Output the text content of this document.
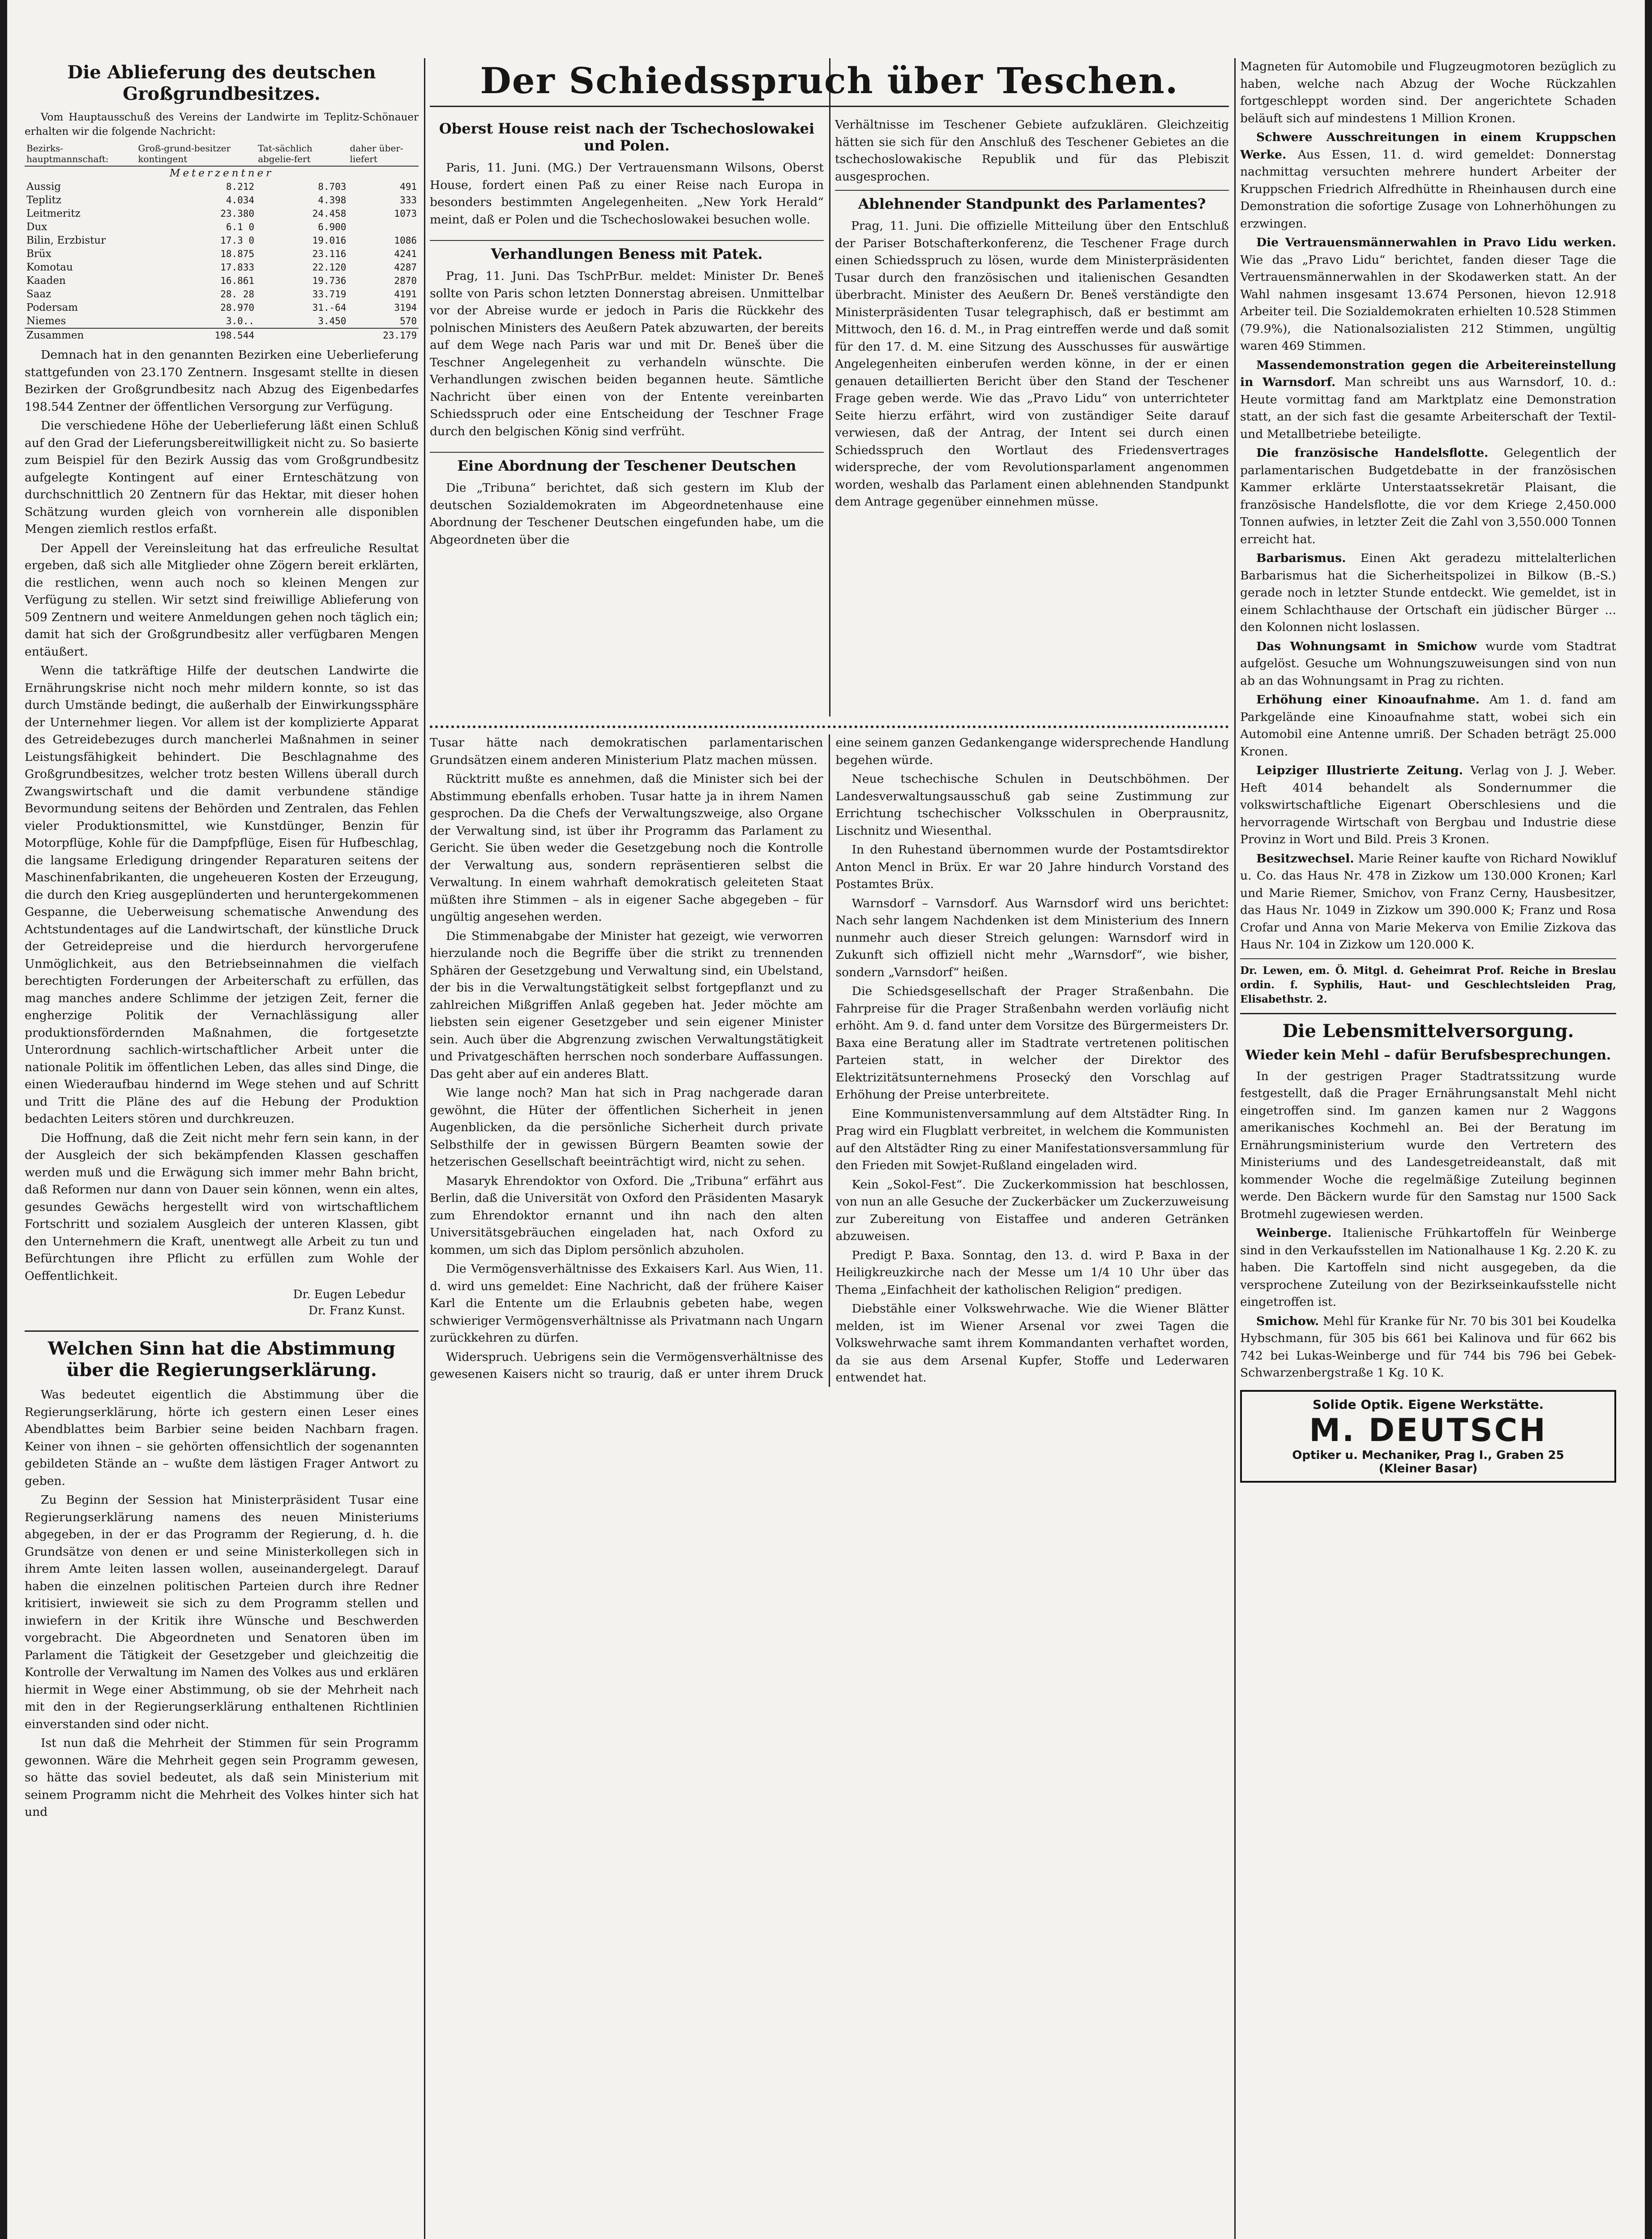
Die Ablieferung des deutschen Großgrundbesitzes.

Vom Hauptausschuß des Vereins der Landwirte im Teplitz-Schönauer erhalten wir die folgende Nachricht:

Bezirks-hauptmannschaft:	Groß-grund-besitzer kontingent	Tat-sächlich abgelie-fert	daher über-liefert
Meterzentner			
Aussig	8.212	8.703	491
Teplitz	4.034	4.398	333
Leitmeritz	23.380	24.458	1073
Dux	6.1 0	6.900	
Bilin, Erzbistur	17.3 0	19.016	1086
Brüx	18.875	23.116	4241
Komotau	17.833	22.120	4287
Kaaden	16.861	19.736	2870
Saaz	28. 28	33.719	4191
Podersam	28.970	31.-64	3194
Niemes	3.0..	3.450	570
Zusammen	198.544		23.179

Demnach hat in den genannten Bezirken eine Ueberlieferung stattgefunden von 23.170 Zentnern. Insgesamt stellte in diesen Bezirken der Großgrundbesitz nach Abzug des Eigenbedarfes 198.544 Zentner der öffentlichen Versorgung zur Verfügung.

Die verschiedene Höhe der Ueberlieferung läßt einen Schluß auf den Grad der Lieferungsbereitwilligkeit nicht zu. So basierte zum Beispiel für den Bezirk Aussig das vom Großgrundbesitz aufgelegte Kontingent auf einer Ernteschätzung von durchschnittlich 20 Zentnern für das Hektar, mit dieser hohen Schätzung wurden gleich von vornherein alle disponiblen Mengen ziemlich restlos erfaßt.

Der Appell der Vereinsleitung hat das erfreuliche Resultat ergeben, daß sich alle Mitglieder ohne Zögern bereit erklärten, die restlichen, wenn auch noch so kleinen Mengen zur Verfügung zu stellen. Wir setzt sind freiwillige Ablieferung von 509 Zentnern und weitere Anmeldungen gehen noch täglich ein; damit hat sich der Großgrundbesitz aller verfügbaren Mengen entäußert.

Wenn die tatkräftige Hilfe der deutschen Landwirte die Ernährungskrise nicht noch mehr mildern konnte, so ist das durch Umstände bedingt, die außerhalb der Einwirkungssphäre der Unternehmer liegen. Vor allem ist der komplizierte Apparat des Getreidebezuges durch mancherlei Maßnahmen in seiner Leistungsfähigkeit behindert. Die Beschlagnahme des Großgrundbesitzes, welcher trotz besten Willens überall durch Zwangswirtschaft und die damit verbundene ständige Bevormundung seitens der Behörden und Zentralen, das Fehlen vieler Produktionsmittel, wie Kunstdünger, Benzin für Motorpflüge, Kohle für die Dampfpflüge, Eisen für Hufbeschlag, die langsame Erledigung dringender Reparaturen seitens der Maschinenfabrikanten, die ungeheueren Kosten der Erzeugung, die durch den Krieg ausgeplünderten und heruntergekommenen Gespanne, die Ueberweisung schematische Anwendung des Achtstundentages auf die Landwirtschaft, der künstliche Druck der Getreidepreise und die hierdurch hervorgerufene Unmöglichkeit, aus den Betriebseinnahmen die vielfach berechtigten Forderungen der Arbeiterschaft zu erfüllen, das mag manches andere Schlimme der jetzigen Zeit, ferner die engherzige Politik der Vernachlässigung aller produktionsfördernden Maßnahmen, die fortgesetzte Unterordnung sachlich-wirtschaftlicher Arbeit unter die nationale Politik im öffentlichen Leben, das alles sind Dinge, die einen Wiederaufbau hindernd im Wege stehen und auf Schritt und Tritt die Pläne des auf die Hebung der Produktion bedachten Leiters stören und durchkreuzen.

Die Hoffnung, daß die Zeit nicht mehr fern sein kann, in der der Ausgleich der sich bekämpfenden Klassen geschaffen werden muß und die Erwägung sich immer mehr Bahn bricht, daß Reformen nur dann von Dauer sein können, wenn ein altes, gesundes Gewächs hergestellt wird von wirtschaftlichem Fortschritt und sozialem Ausgleich der unteren Klassen, gibt den Unternehmern die Kraft, unentwegt alle Arbeit zu tun und Befürchtungen ihre Pflicht zu erfüllen zum Wohle der Oeffentlichkeit.

Dr. Eugen Lebedur
Dr. Franz Kunst.
Welchen Sinn hat die Abstimmung über die Regierungserklärung.

Was bedeutet eigentlich die Abstimmung über die Regierungserklärung, hörte ich gestern einen Leser eines Abendblattes beim Barbier seine beiden Nachbarn fragen. Keiner von ihnen – sie gehörten offensichtlich der sogenannten gebildeten Stände an – wußte dem lästigen Frager Antwort zu geben.

Zu Beginn der Session hat Ministerpräsident Tusar eine Regierungserklärung namens des neuen Ministeriums abgegeben, in der er das Programm der Regierung, d. h. die Grundsätze von denen er und seine Ministerkollegen sich in ihrem Amte leiten lassen wollen, auseinandergelegt. Darauf haben die einzelnen politischen Parteien durch ihre Redner kritisiert, inwieweit sie sich zu dem Programm stellen und inwiefern in der Kritik ihre Wünsche und Beschwerden vorgebracht. Die Abgeordneten und Senatoren üben im Parlament die Tätigkeit der Gesetzgeber und gleichzeitig die Kontrolle der Verwaltung im Namen des Volkes aus und erklären hiermit in Wege einer Abstimmung, ob sie der Mehrheit nach mit den in der Regierungserklärung enthaltenen Richtlinien einverstanden sind oder nicht.

Ist nun daß die Mehrheit der Stimmen für sein Programm gewonnen. Wäre die Mehrheit gegen sein Programm gewesen, so hätte das soviel bedeutet, als daß sein Ministerium mit seinem Programm nicht die Mehrheit des Volkes hinter sich hat und

Der Schiedsspruch über Teschen.
Oberst House reist nach der Tschechoslowakei und Polen.

Paris, 11. Juni. (MG.) Der Vertrauensmann Wilsons, Oberst House, fordert einen Paß zu einer Reise nach Europa in besonders bestimmten Angelegenheiten. „New York Herald“ meint, daß er Polen und die Tschechoslowakei besuchen wolle.

Verhandlungen Beness mit Patek.

Prag, 11. Juni. Das TschPrBur. meldet: Minister Dr. Beneš sollte von Paris schon letzten Donnerstag abreisen. Unmittelbar vor der Abreise wurde er jedoch in Paris die Rückkehr des polnischen Ministers des Aeußern Patek abzuwarten, der bereits auf dem Wege nach Paris war und mit Dr. Beneš über die Teschner Angelegenheit zu verhandeln wünschte. Die Verhandlungen zwischen beiden begannen heute. Sämtliche Nachricht über einen von der Entente vereinbarten Schiedsspruch oder eine Entscheidung der Teschner Frage durch den belgischen König sind verfrüht.

Eine Abordnung der Teschener Deutschen

Die „Tribuna“ berichtet, daß sich gestern im Klub der deutschen Sozialdemokraten im Abgeordnetenhause eine Abordnung der Teschener Deutschen eingefunden habe, um die Abgeordneten über die

Verhältnisse im Teschener Gebiete aufzuklären. Gleichzeitig hätten sie sich für den Anschluß des Teschener Gebietes an die tschechoslowakische Republik und für das Plebiszit ausgesprochen.

Ablehnender Standpunkt des Parlamentes?

Prag, 11. Juni. Die offizielle Mitteilung über den Entschluß der Pariser Botschafterkonferenz, die Teschener Frage durch einen Schiedsspruch zu lösen, wurde dem Ministerpräsidenten Tusar durch den französischen und italienischen Gesandten überbracht. Minister des Aeußern Dr. Beneš verständigte den Ministerpräsidenten Tusar telegraphisch, daß er bestimmt am Mittwoch, den 16. d. M., in Prag eintreffen werde und daß somit für den 17. d. M. eine Sitzung des Ausschusses für auswärtige Angelegenheiten einberufen werden könne, in der er einen genauen detaillierten Bericht über den Stand der Teschener Frage geben werde. Wie das „Pravo Lidu“ von unterrichteter Seite hierzu erfährt, wird von zuständiger Seite darauf verwiesen, daß der Antrag, der Intent sei durch einen Schiedsspruch den Wortlaut des Friedensvertrages widerspreche, der vom Revolutionsparlament angenommen worden, weshalb das Parlament einen ablehnenden Standpunkt dem Antrage gegenüber einnehmen müsse.

Tusar hätte nach demokratischen parlamentarischen Grundsätzen einem anderen Ministerium Platz machen müssen.

Rücktritt mußte es annehmen, daß die Minister sich bei der Abstimmung ebenfalls erhoben. Tusar hatte ja in ihrem Namen gesprochen. Da die Chefs der Verwaltungszweige, also Organe der Verwaltung sind, ist über ihr Programm das Parlament zu Gericht. Sie üben weder die Gesetzgebung noch die Kontrolle der Verwaltung aus, sondern repräsentieren selbst die Verwaltung. In einem wahrhaft demokratisch geleiteten Staat müßten ihre Stimmen – als in eigener Sache abgegeben – für ungültig angesehen werden.

Die Stimmenabgabe der Minister hat gezeigt, wie verworren hierzulande noch die Begriffe über die strikt zu trennenden Sphären der Gesetzgebung und Verwaltung sind, ein Ubelstand, der bis in die Verwaltungstätigkeit selbst fortgepflanzt und zu zahlreichen Mißgriffen Anlaß gegeben hat. Jeder möchte am liebsten sein eigener Gesetzgeber und sein eigener Minister sein. Auch über die Abgrenzung zwischen Verwaltungstätigkeit und Privatgeschäften herrschen noch sonderbare Auffassungen. Das geht aber auf ein anderes Blatt.

Wie lange noch? Man hat sich in Prag nachgerade daran gewöhnt, die Hüter der öffentlichen Sicherheit in jenen Augenblicken, da die persönliche Sicherheit durch private Selbsthilfe der in gewissen Bürgern Beamten sowie der hetzerischen Gesellschaft beeinträchtigt wird, nicht zu sehen.

Masaryk Ehrendoktor von Oxford. Die „Tribuna“ erfährt aus Berlin, daß die Universität von Oxford den Präsidenten Masaryk zum Ehrendoktor ernannt und ihn nach den alten Universitätsgebräuchen eingeladen hat, nach Oxford zu kommen, um sich das Diplom persönlich abzuholen.

Die Vermögensverhältnisse des Exkaisers Karl. Aus Wien, 11. d. wird uns gemeldet: Eine Nachricht, daß der frühere Kaiser Karl die Entente um die Erlaubnis gebeten habe, wegen schwieriger Vermögensverhältnisse als Privatmann nach Ungarn zurückkehren zu dürfen.

Widerspruch. Uebrigens sein die Vermögensverhältnisse des gewesenen Kaisers nicht so traurig, daß er unter ihrem Druck eine seinem ganzen Gedankengange widersprechende Handlung begehen würde.

Neue tschechische Schulen in Deutschböhmen. Der Landesverwaltungsausschuß gab seine Zustimmung zur Errichtung tschechischer Volksschulen in Oberprausnitz, Lischnitz und Wiesenthal.

In den Ruhestand übernommen wurde der Postamtsdirektor Anton Mencl in Brüx. Er war 20 Jahre hindurch Vorstand des Postamtes Brüx.

Warnsdorf – Varnsdorf. Aus Warnsdorf wird uns berichtet: Nach sehr langem Nachdenken ist dem Ministerium des Innern nunmehr auch dieser Streich gelungen: Warnsdorf wird in Zukunft sich offiziell nicht mehr „Warnsdorf“, wie bisher, sondern „Varnsdorf“ heißen.

Die Schiedsgesellschaft der Prager Straßenbahn. Die Fahrpreise für die Prager Straßenbahn werden vorläufig nicht erhöht. Am 9. d. fand unter dem Vorsitze des Bürgermeisters Dr. Baxa eine Beratung aller im Stadtrate vertretenen politischen Parteien statt, in welcher der Direktor des Elektrizitätsunternehmens Prosecký den Vorschlag auf Erhöhung der Preise unterbreitete.

Eine Kommunistenversammlung auf dem Altstädter Ring. In Prag wird ein Flugblatt verbreitet, in welchem die Kommunisten auf den Altstädter Ring zu einer Manifestationsversammlung für den Frieden mit Sowjet-Rußland eingeladen wird.

Kein „Sokol-Fest“. Die Zuckerkommission hat beschlossen, von nun an alle Gesuche der Zuckerbäcker um Zuckerzuweisung zur Zubereitung von Eistaffee und anderen Getränken abzuweisen.

Predigt P. Baxa. Sonntag, den 13. d. wird P. Baxa in der Heiligkreuzkirche nach der Messe um 1/4 10 Uhr über das Thema „Einfachheit der katholischen Religion“ predigen.

Diebstähle einer Volkswehrwache. Wie die Wiener Blätter melden, ist im Wiener Arsenal vor zwei Tagen die Volkswehrwache samt ihrem Kommandanten verhaftet worden, da sie aus dem Arsenal Kupfer, Stoffe und Lederwaren entwendet hat.

Magneten für Automobile und Flugzeugmotoren bezüglich zu haben, welche nach Abzug der Woche Rückzahlen fortgeschleppt worden sind. Der angerichtete Schaden beläuft sich auf mindestens 1 Million Kronen.

Schwere Ausschreitungen in einem Kruppschen Werke. Aus Essen, 11. d. wird gemeldet: Donnerstag nachmittag versuchten mehrere hundert Arbeiter der Kruppschen Friedrich Alfredhütte in Rheinhausen durch eine Demonstration die sofortige Zusage von Lohnerhöhungen zu erzwingen.

Die Vertrauensmännerwahlen in Pravo Lidu werken. Wie das „Pravo Lidu“ berichtet, fanden dieser Tage die Vertrauensmännerwahlen in der Skodawerken statt. An der Wahl nahmen insgesamt 13.674 Personen, hievon 12.918 Arbeiter teil. Die Sozialdemokraten erhielten 10.528 Stimmen (79.9%), die Nationalsozialisten 212 Stimmen, ungültig waren 469 Stimmen.

Massendemonstration gegen die Arbeitereinstellung in Warnsdorf. Man schreibt uns aus Warnsdorf, 10. d.: Heute vormittag fand am Marktplatz eine Demonstration statt, an der sich fast die gesamte Arbeiterschaft der Textil- und Metallbetriebe beteiligte.

Die französische Handelsflotte. Gelegentlich der parlamentarischen Budgetdebatte in der französischen Kammer erklärte Unterstaatssekretär Plaisant, die französische Handelsflotte, die vor dem Kriege 2,450.000 Tonnen aufwies, in letzter Zeit die Zahl von 3,550.000 Tonnen erreicht hat.

Barbarismus. Einen Akt geradezu mittelalterlichen Barbarismus hat die Sicherheitspolizei in Bilkow (B.-S.) gerade noch in letzter Stunde entdeckt. Wie gemeldet, ist in einem Schlachthause der Ortschaft ein jüdischer Bürger ... den Kolonnen nicht loslassen.

Das Wohnungsamt in Smichow wurde vom Stadtrat aufgelöst. Gesuche um Wohnungszuweisungen sind von nun ab an das Wohnungsamt in Prag zu richten.

Erhöhung einer Kinoaufnahme. Am 1. d. fand am Parkgelände eine Kinoaufnahme statt, wobei sich ein Automobil eine Antenne umriß. Der Schaden beträgt 25.000 Kronen.

Leipziger Illustrierte Zeitung. Verlag von J. J. Weber. Heft 4014 behandelt als Sondernummer die volkswirtschaftliche Eigenart Oberschlesiens und die hervorragende Wirtschaft von Bergbau und Industrie diese Provinz in Wort und Bild. Preis 3 Kronen.

Besitzwechsel. Marie Reiner kaufte von Richard Nowikluf u. Co. das Haus Nr. 478 in Zizkow um 130.000 Kronen; Karl und Marie Riemer, Smichov, von Franz Cerny, Hausbesitzer, das Haus Nr. 1049 in Zizkow um 390.000 K; Franz und Rosa Crofar und Anna von Marie Mekerva von Emilie Zizkova das Haus Nr. 104 in Zizkow um 120.000 K.

Dr. Lewen, em. Ö. Mitgl. d. Geheimrat Prof. Reiche in Breslau ordin. f. Syphilis, Haut- und Geschlechtsleiden Prag, Elisabethstr. 2.

Die Lebensmittelversorgung.
Wieder kein Mehl – dafür Berufsbesprechungen.

In der gestrigen Prager Stadtratssitzung wurde festgestellt, daß die Prager Ernährungsanstalt Mehl nicht eingetroffen sind. Im ganzen kamen nur 2 Waggons amerikanisches Kochmehl an. Bei der Beratung im Ernährungsministerium wurde den Vertretern des Ministeriums und des Landesgetreideanstalt, daß mit kommender Woche die regelmäßige Zuteilung beginnen werde. Den Bäckern wurde für den Samstag nur 1500 Sack Brotmehl zugewiesen werden.

Weinberge. Italienische Frühkartoffeln für Weinberge sind in den Verkaufsstellen im Nationalhause 1 Kg. 2.20 K. zu haben. Die Kartoffeln sind nicht ausgegeben, da die versprochene Zuteilung von der Bezirkseinkaufsstelle nicht eingetroffen ist.

Smichow. Mehl für Kranke für Nr. 70 bis 301 bei Koudelka Hybschmann, für 305 bis 661 bei Kalinova und für 662 bis 742 bei Lukas-Weinberge und für 744 bis 796 bei Gebek-Schwarzenbergstraße 1 Kg. 10 K.

Solide Optik. Eigene Werkstätte.
M. DEUTSCH
Optiker u. Mechaniker, Prag I., Graben 25
(Kleiner Basar)
